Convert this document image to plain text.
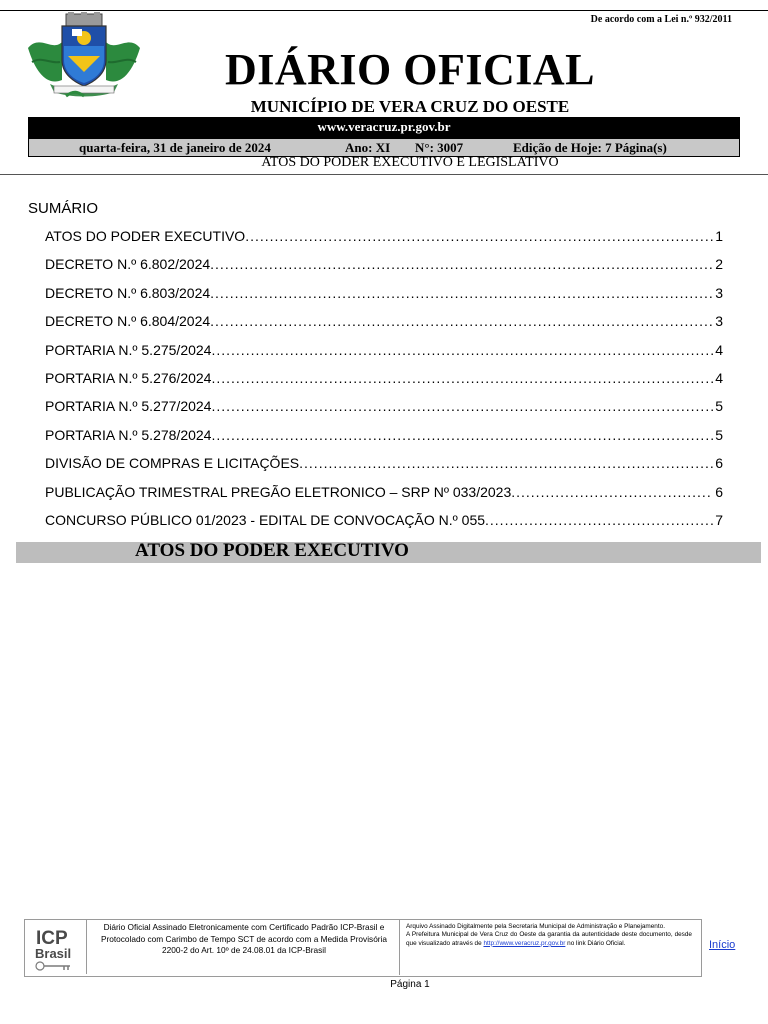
De acordo com a Lei n.º 932/2011
DIÁRIO OFICIAL
MUNICÍPIO DE VERA CRUZ DO OESTE
www.veracruz.pr.gov.br
quarta-feira, 31 de janeiro de 2024	Ano: XI N°: 3007	Edição de Hoje: 7 Página(s)
ATOS DO PODER EXECUTIVO E LEGISLATIVO
SUMÁRIO
ATOS DO PODER EXECUTIVO .....	1
DECRETO N.º 6.802/2024 .....	2
DECRETO N.º 6.803/2024 .....	3
DECRETO N.º 6.804/2024 .....	3
PORTARIA N.º 5.275/2024 .....	4
PORTARIA N.º 5.276/2024 .....	4
PORTARIA N.º 5.277/2024 .....	5
PORTARIA N.º 5.278/2024 .....	5
DIVISÃO DE COMPRAS E LICITAÇÕES .....	6
PUBLICAÇÃO TRIMESTRAL PREGÃO ELETRONICO – SRP Nº 033/2023 .....	6
CONCURSO PÚBLICO 01/2023 - EDITAL DE CONVOCAÇÃO N.º 055 .....	7
ATOS DO PODER EXECUTIVO
ICP
Brasil
Diário Oficial Assinado Eletronicamente com Certificado Padrão ICP-Brasil e Protocolado com Carimbo de Tempo SCT de acordo com a Medida Provisória 2200-2 do Art. 10º de 24.08.01 da ICP-Brasil
Arquivo Assinado Digitalmente pela Secretaria Municipal de Administração e Planejamento.
A Prefeitura Municipal de Vera Cruz do Oeste da garantia da autenticidade deste documento, desde que visualizado através de http://www.veracruz.pr.gov.br no link Diário Oficial.	Início
Página 1
